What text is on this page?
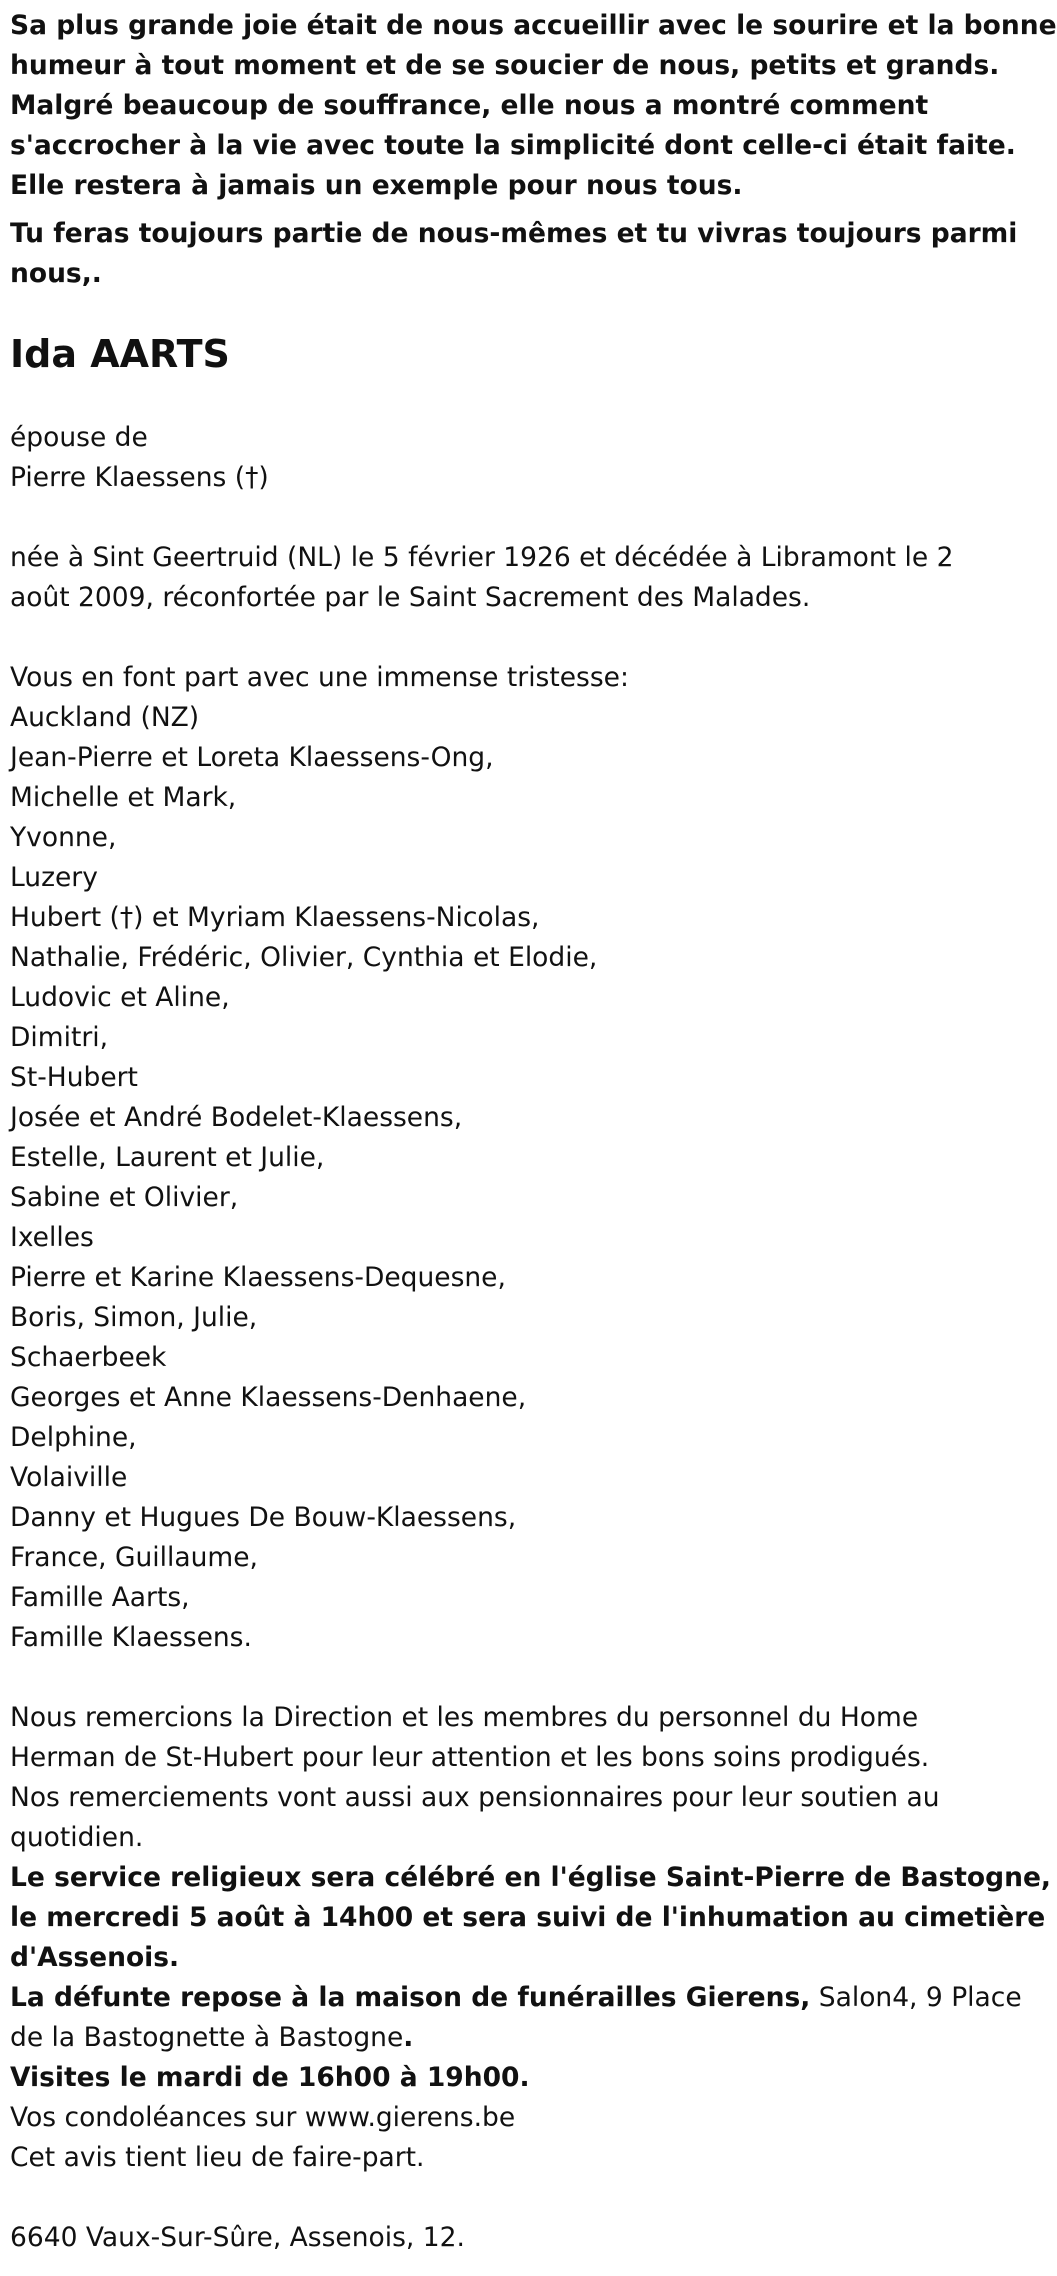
Sa plus grande joie était de nous accueillir avec le sourire et la bonne
humeur à tout moment et de se soucier de nous, petits et grands.
Malgré beaucoup de souffrance, elle nous a montré comment
s'accrocher à la vie avec toute la simplicité dont celle-ci était faite.
Elle restera à jamais un exemple pour nous tous.

Tu feras toujours partie de nous-mêmes et tu vivras toujours parmi
nous,.

Ida AARTS
épouse de
Pierre Klaessens (†)
née à Sint Geertruid (NL) le 5 février 1926 et décédée à Libramont le 2
août 2009, réconfortée par le Saint Sacrement des Malades.
Vous en font part avec une immense tristesse:
Auckland (NZ)
Jean-Pierre et Loreta Klaessens-Ong,
Michelle et Mark,
Yvonne,
Luzery
Hubert (†) et Myriam Klaessens-Nicolas,
Nathalie, Frédéric, Olivier, Cynthia et Elodie,
Ludovic et Aline,
Dimitri,
St-Hubert
Josée et André Bodelet-Klaessens,
Estelle, Laurent et Julie,
Sabine et Olivier,
Ixelles
Pierre et Karine Klaessens-Dequesne,
Boris, Simon, Julie,
Schaerbeek
Georges et Anne Klaessens-Denhaene,
Delphine,
Volaiville
Danny et Hugues De Bouw-Klaessens,
France, Guillaume,
Famille Aarts,
Famille Klaessens.
Nous remercions la Direction et les membres du personnel du Home
Herman de St-Hubert pour leur attention et les bons soins prodigués.
Nos remerciements vont aussi aux pensionnaires pour leur soutien au
quotidien.
Le service religieux sera célébré en l'église Saint-Pierre de Bastogne,
le mercredi 5 août à 14h00 et sera suivi de l'inhumation au cimetière
d'Assenois.
La défunte repose à la maison de funérailles Gierens, Salon4, 9 Place
de la Bastognette à Bastogne.
Visites le mardi de 16h00 à 19h00.
Vos condoléances sur www.gierens.be
Cet avis tient lieu de faire-part.
6640 Vaux-Sur-Sûre, Assenois, 12.
